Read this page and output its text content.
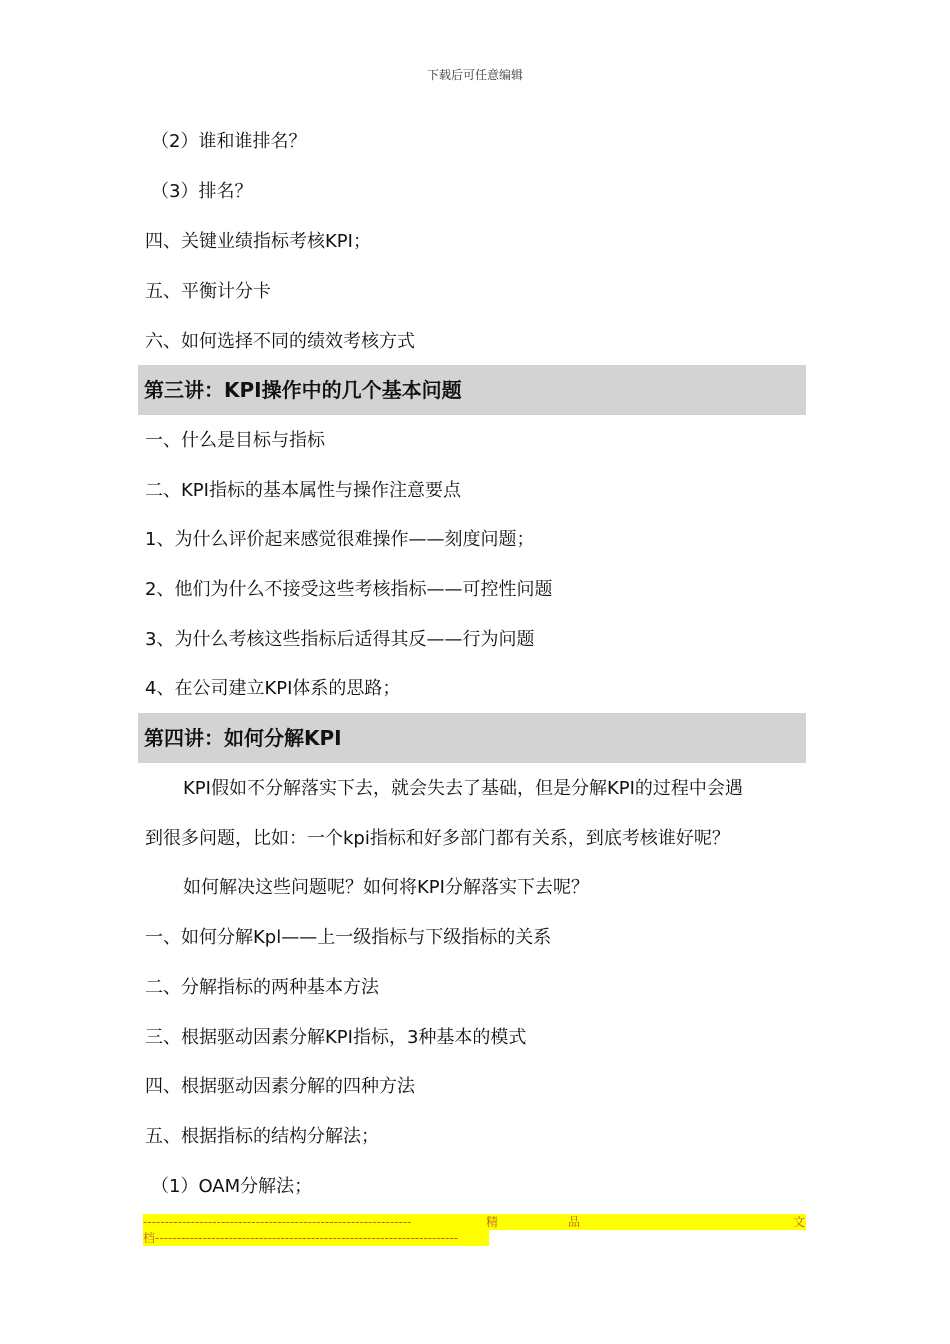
下载后可任意编辑
（2）谁和谁排名？
（3）排名？
四、关键业绩指标考核KPI；
五、平衡计分卡
六、如何选择不同的绩效考核方式
第三讲：KPI操作中的几个基本问题
一、什么是目标与指标
二、KPI指标的基本属性与操作注意要点
1、为什么评价起来感觉很难操作——刻度问题；
2、他们为什么不接受这些考核指标——可控性问题
3、为什么考核这些指标后适得其反——行为问题
4、在公司建立KPI体系的思路；
第四讲：如何分解KPI
KPI假如不分解落实下去，就会失去了基础，但是分解KPI的过程中会遇
到很多问题，比如：一个kpi指标和好多部门都有关系，到底考核谁好呢？
如何解决这些问题呢？如何将KPI分解落实下去呢？
一、如何分解Kpl——上一级指标与下级指标的关系
二、分解指标的两种基本方法
三、根据驱动因素分解KPI指标，3种基本的模式
四、根据驱动因素分解的四种方法
五、根据指标的结构分解法；
（1）OAM分解法；
--------------------------------------------------------------	精	品	文
档----------------------------------------------------------------------
